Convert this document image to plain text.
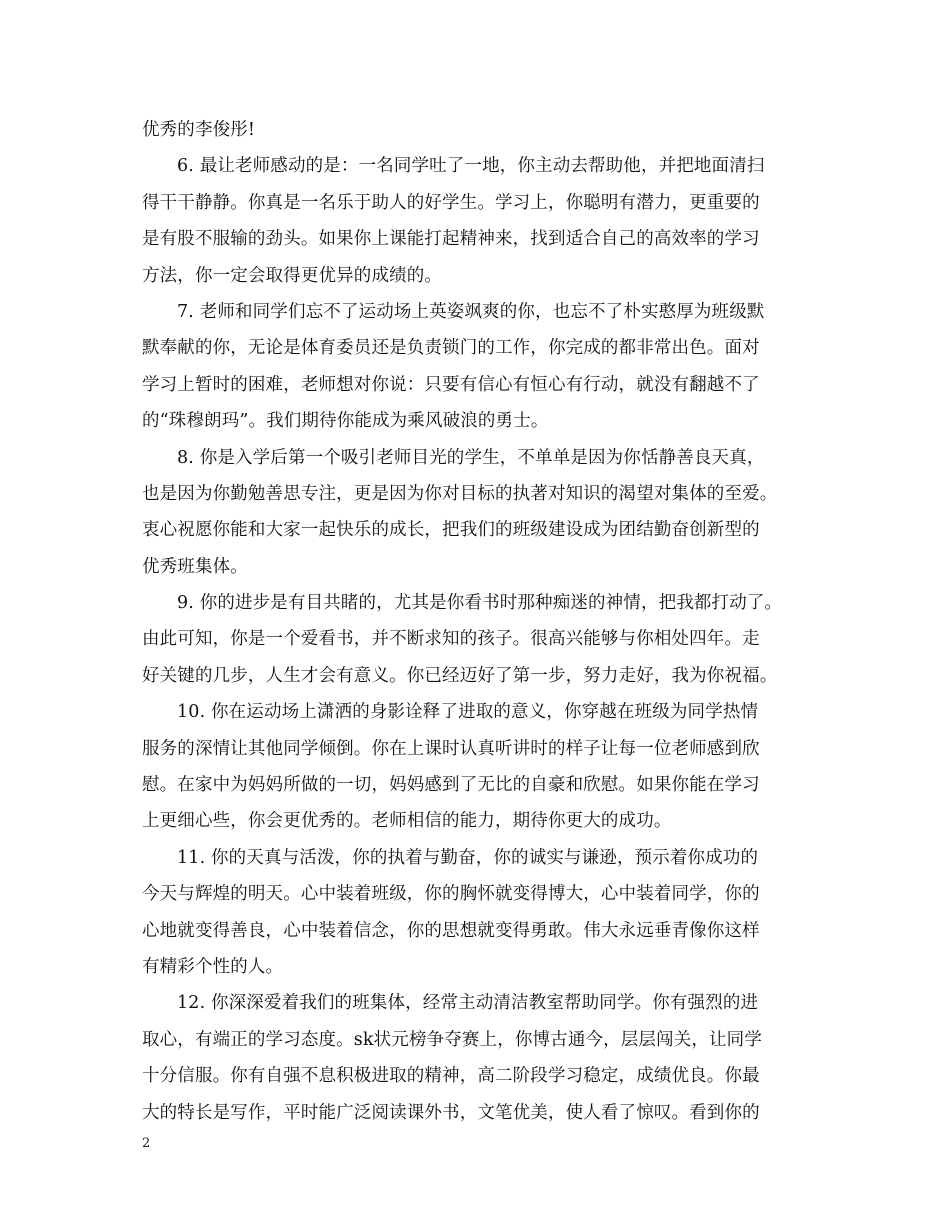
优秀的李俊彤!
6. 最让老师感动的是：一名同学吐了一地，你主动去帮助他，并把地面清扫
得干干静静。你真是一名乐于助人的好学生。学习上，你聪明有潜力，更重要的
是有股不服输的劲头。如果你上课能打起精神来，找到适合自己的高效率的学习
方法，你一定会取得更优异的成绩的。
7. 老师和同学们忘不了运动场上英姿飒爽的你，也忘不了朴实憨厚为班级默
默奉献的你，无论是体育委员还是负责锁门的工作，你完成的都非常出色。面对
学习上暂时的困难，老师想对你说：只要有信心有恒心有行动，就没有翻越不了
的“珠穆朗玛”。我们期待你能成为乘风破浪的勇士。
8. 你是入学后第一个吸引老师目光的学生，不单单是因为你恬静善良天真，
也是因为你勤勉善思专注，更是因为你对目标的执著对知识的渴望对集体的至爱。
衷心祝愿你能和大家一起快乐的成长，把我们的班级建设成为团结勤奋创新型的
优秀班集体。
9. 你的进步是有目共睹的，尤其是你看书时那种痴迷的神情，把我都打动了。
由此可知，你是一个爱看书，并不断求知的孩子。很高兴能够与你相处四年。走
好关键的几步，人生才会有意义。你已经迈好了第一步，努力走好，我为你祝福。
10. 你在运动场上潇洒的身影诠释了进取的意义，你穿越在班级为同学热情
服务的深情让其他同学倾倒。你在上课时认真听讲时的样子让每一位老师感到欣
慰。在家中为妈妈所做的一切，妈妈感到了无比的自豪和欣慰。如果你能在学习
上更细心些，你会更优秀的。老师相信的能力，期待你更大的成功。
11. 你的天真与活泼，你的执着与勤奋，你的诚实与谦逊，预示着你成功的
今天与辉煌的明天。心中装着班级，你的胸怀就变得博大，心中装着同学，你的
心地就变得善良，心中装着信念，你的思想就变得勇敢。伟大永远垂青像你这样
有精彩个性的人。
12. 你深深爱着我们的班集体，经常主动清洁教室帮助同学。你有强烈的进
取心，有端正的学习态度。sk状元榜争夺赛上，你博古通今，层层闯关，让同学
十分信服。你有自强不息积极进取的精神，高二阶段学习稳定，成绩优良。你最
大的特长是写作，平时能广泛阅读课外书，文笔优美，使人看了惊叹。看到你的
2
